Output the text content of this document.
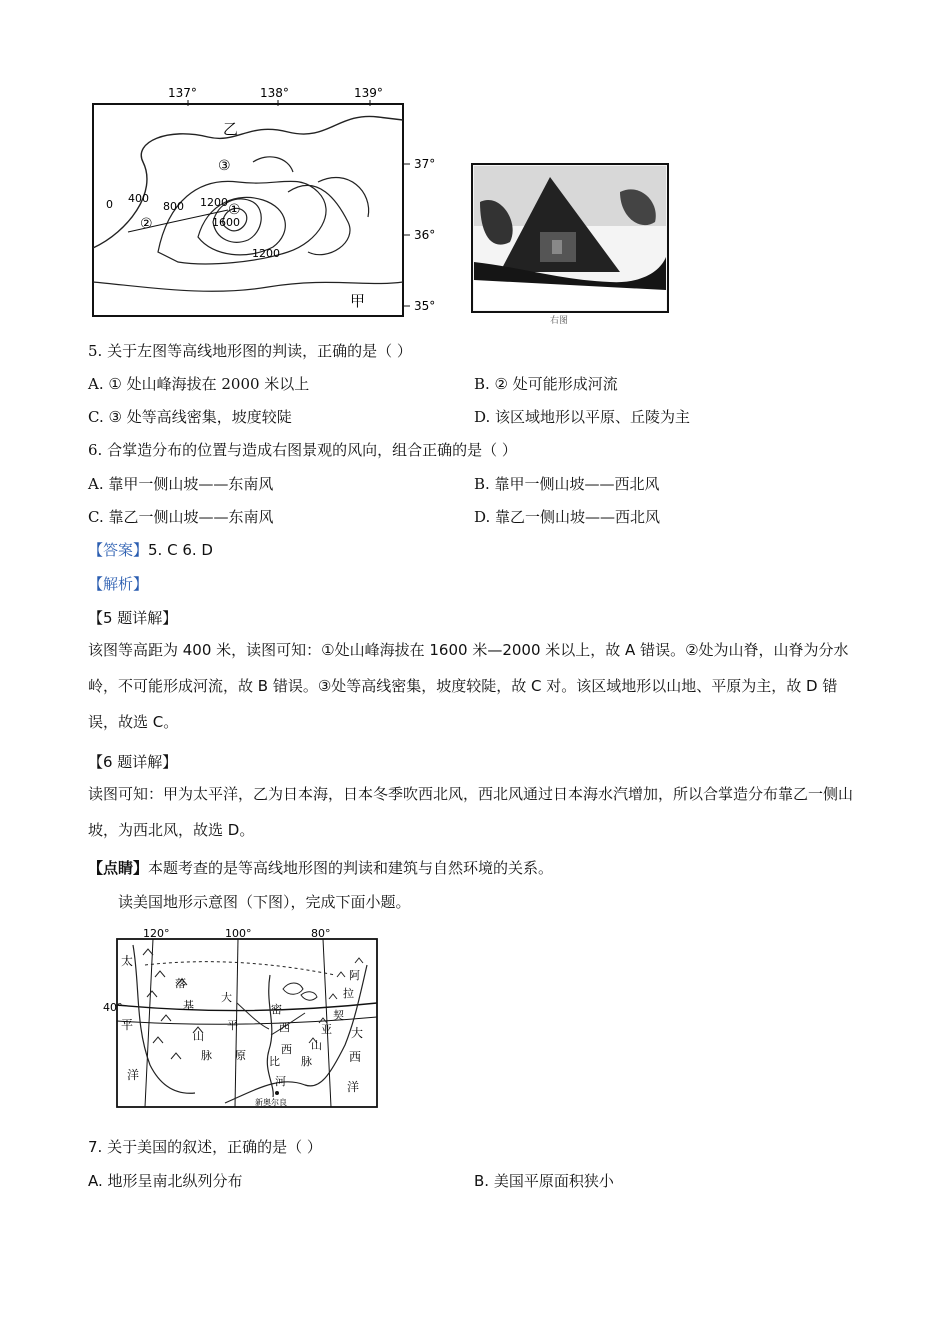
137°	138°	139°
37°
36°
35°
乙
甲
0 400
800 1200
1600
1200
①
②
③
右图
5. 关于左图等高线地形图的判读，正确的是（ ）
A. ① 处山峰海拔在 2000 米以上	B. ② 处可能形成河流
C. ③ 处等高线密集，坡度较陡	D. 该区域地形以平原、丘陵为主
6. 合掌造分布的位置与造成右图景观的风向，组合正确的是（ ）
A. 靠甲一侧山坡——东南风	B. 靠甲一侧山坡——西北风
C. 靠乙一侧山坡——东南风	D. 靠乙一侧山坡——西北风
【答案】5. C 6. D
【解析】
【5 题详解】
该图等高距为 400 米，读图可知：①处山峰海拔在 1600 米—2000 米以上，故 A 错误。②处为山脊，山脊为分水岭，不可能形成河流，故 B 错误。③处等高线密集，坡度较陡，故 C 对。该区域地形以山地、平原为主，故 D 错误，故选 C。
【6 题详解】
读图可知：甲为太平洋，乙为日本海，日本冬季吹西北风，西北风通过日本海水汽增加，所以合掌造分布靠乙一侧山坡，为西北风，故选 D。
【点睛】本题考查的是等高线地形图的判读和建筑与自然环境的关系。
读美国地形示意图（下图），完成下面小题。
120°	100°	80°
40°
太
平
洋
大
西
洋
落
基
山
脉
大
平
原
密
西
西
比
河
阿
拉
契
亚
山
脉
新奥尔良
7. 关于美国的叙述，正确的是（ ）
A. 地形呈南北纵列分布	B. 美国平原面积狭小
